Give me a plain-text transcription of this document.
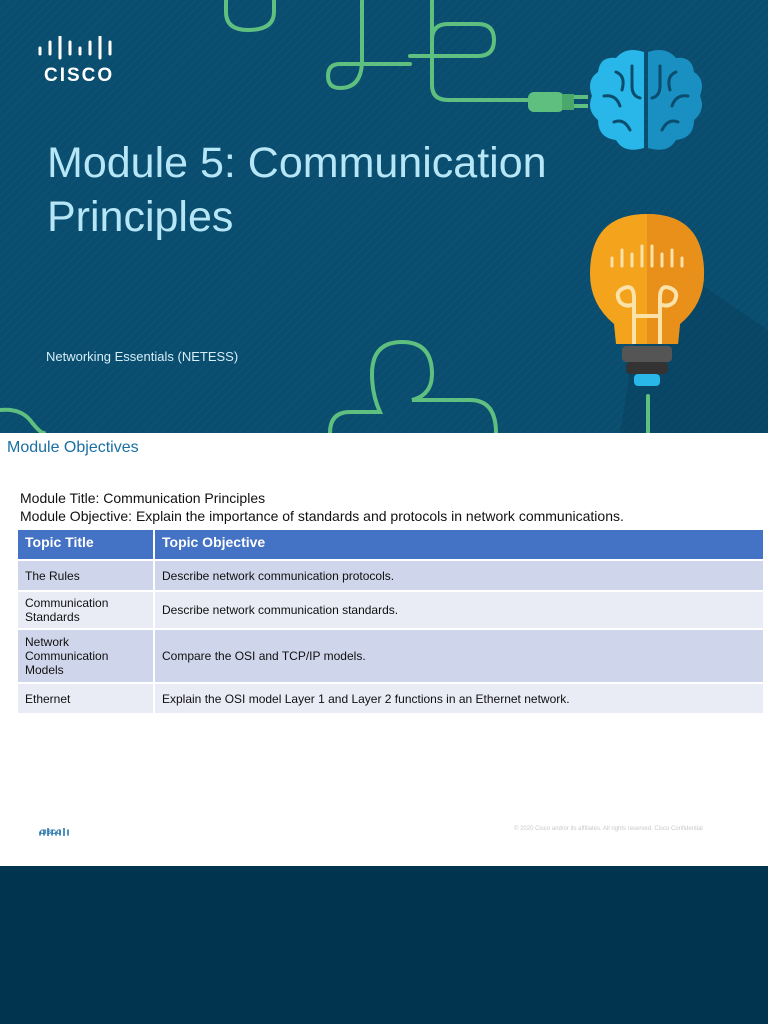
CISCO
Module 5: Communication Principles
Networking Essentials (NETESS)
Module Objectives
Module Title: Communication Principles
Module Objective: Explain the importance of standards and protocols in network communications.
Topic Title	Topic Objective
The Rules	Describe network communication protocols.
Communication Standards	Describe network communication standards.
Network Communication Models	Compare the OSI and TCP/IP models.
Ethernet	Explain the OSI model Layer 1 and Layer 2 functions in an Ethernet network.
CISCO
© 2020 Cisco and/or its affiliates. All rights reserved. Cisco Confidential
